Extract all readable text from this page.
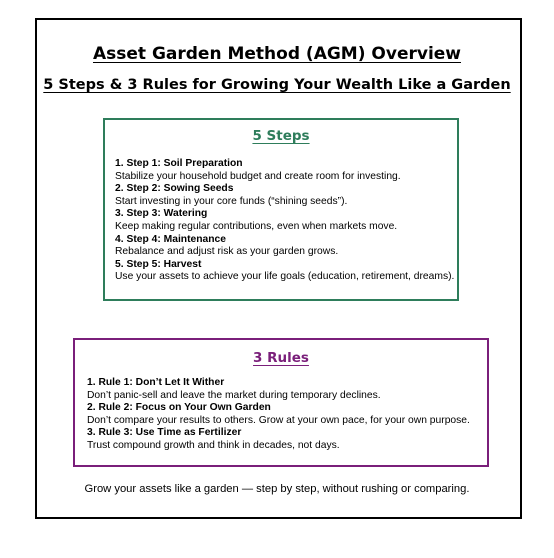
Asset Garden Method (AGM) Overview
5 Steps & 3 Rules for Growing Your Wealth Like a Garden
5 Steps
1. Step 1: Soil Preparation
Stabilize your household budget and create room for investing.
2. Step 2: Sowing Seeds
Start investing in your core funds (“shining seeds”).
3. Step 3: Watering
Keep making regular contributions, even when markets move.
4. Step 4: Maintenance
Rebalance and adjust risk as your garden grows.
5. Step 5: Harvest
Use your assets to achieve your life goals (education, retirement, dreams).
3 Rules
1. Rule 1: Don’t Let It Wither
Don’t panic-sell and leave the market during temporary declines.
2. Rule 2: Focus on Your Own Garden
Don’t compare your results to others. Grow at your own pace, for your own purpose.
3. Rule 3: Use Time as Fertilizer
Trust compound growth and think in decades, not days.
Grow your assets like a garden — step by step, without rushing or comparing.
